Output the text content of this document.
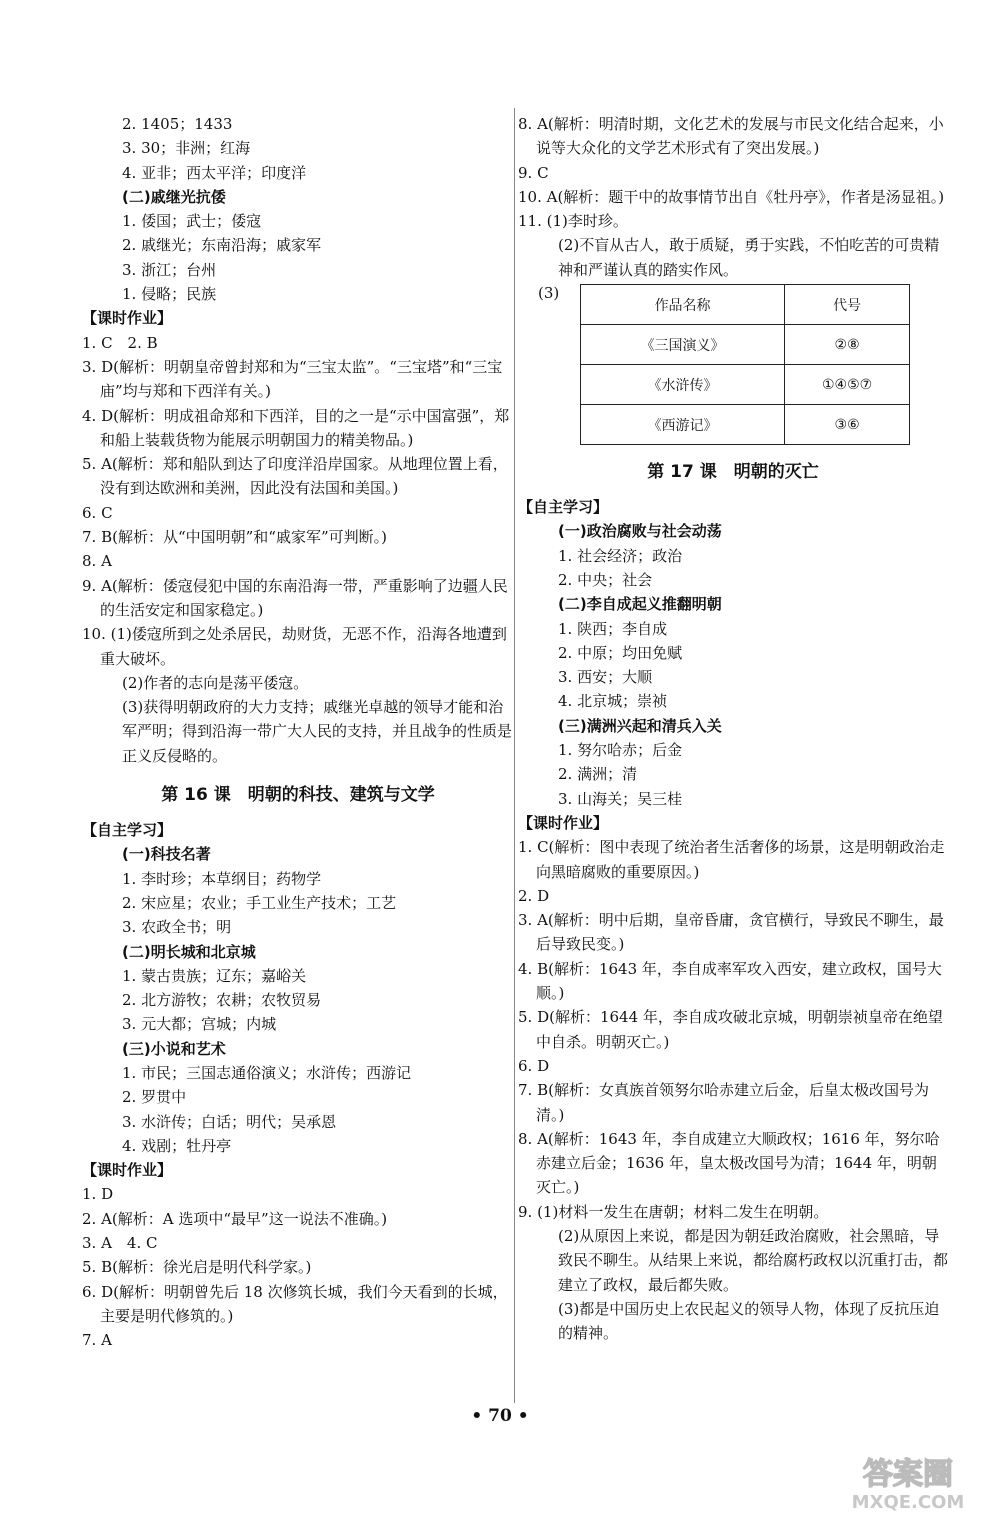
2. 1405；1433
3. 30；非洲；红海
4. 亚非；西太平洋；印度洋
(二)戚继光抗倭
1. 倭国；武士；倭寇
2. 戚继光；东南沿海；戚家军
3. 浙江；台州
1. 侵略；民族
【课时作业】
1. C　2. B
3. D(解析：明朝皇帝曾封郑和为“三宝太监”。“三宝塔”和“三宝庙”均与郑和下西洋有关。)
4. D(解析：明成祖命郑和下西洋，目的之一是“示中国富强”，郑和船上装载货物为能展示明朝国力的精美物品。)
5. A(解析：郑和船队到达了印度洋沿岸国家。从地理位置上看，没有到达欧洲和美洲，因此没有法国和美国。)
6. C
7. B(解析：从“中国明朝”和“戚家军”可判断。)
8. A
9. A(解析：倭寇侵犯中国的东南沿海一带，严重影响了边疆人民的生活安定和国家稳定。)
10. (1)倭寇所到之处杀居民，劫财货，无恶不作，沿海各地遭到重大破坏。
(2)作者的志向是荡平倭寇。
(3)获得明朝政府的大力支持；戚继光卓越的领导才能和治军严明；得到沿海一带广大人民的支持，并且战争的性质是正义反侵略的。
第 16 课　明朝的科技、建筑与文学
【自主学习】
(一)科技名著
1. 李时珍；本草纲目；药物学
2. 宋应星；农业；手工业生产技术；工艺
3. 农政全书；明
(二)明长城和北京城
1. 蒙古贵族；辽东；嘉峪关
2. 北方游牧；农耕；农牧贸易
3. 元大都；宫城；内城
(三)小说和艺术
1. 市民；三国志通俗演义；水浒传；西游记
2. 罗贯中
3. 水浒传；白话；明代；吴承恩
4. 戏剧；牡丹亭
【课时作业】
1. D
2. A(解析：A 选项中“最早”这一说法不准确。)
3. A　4. C
5. B(解析：徐光启是明代科学家。)
6. D(解析：明朝曾先后 18 次修筑长城，我们今天看到的长城，主要是明代修筑的。)
7. A
8. A(解析：明清时期，文化艺术的发展与市民文化结合起来，小说等大众化的文学艺术形式有了突出发展。)
9. C
10. A(解析：题干中的故事情节出自《牡丹亭》，作者是汤显祖。)
11. (1)李时珍。
(2)不盲从古人，敢于质疑，勇于实践，不怕吃苦的可贵精神和严谨认真的踏实作风。
(3)
作品名称	代号
《三国演义》	②⑧
《水浒传》	①④⑤⑦
《西游记》	③⑥
第 17 课　明朝的灭亡
【自主学习】
(一)政治腐败与社会动荡
1. 社会经济；政治
2. 中央；社会
(二)李自成起义推翻明朝
1. 陕西；李自成
2. 中原；均田免赋
3. 西安；大顺
4. 北京城；崇祯
(三)满洲兴起和清兵入关
1. 努尔哈赤；后金
2. 满洲；清
3. 山海关；吴三桂
【课时作业】
1. C(解析：图中表现了统治者生活奢侈的场景，这是明朝政治走向黑暗腐败的重要原因。)
2. D
3. A(解析：明中后期，皇帝昏庸，贪官横行，导致民不聊生，最后导致民变。)
4. B(解析：1643 年，李自成率军攻入西安，建立政权，国号大顺。)
5. D(解析：1644 年，李自成攻破北京城，明朝崇祯皇帝在绝望中自杀。明朝灭亡。)
6. D
7. B(解析：女真族首领努尔哈赤建立后金，后皇太极改国号为清。)
8. A(解析：1643 年，李自成建立大顺政权；1616 年，努尔哈赤建立后金；1636 年，皇太极改国号为清；1644 年，明朝灭亡。)
9. (1)材料一发生在唐朝；材料二发生在明朝。
(2)从原因上来说，都是因为朝廷政治腐败，社会黑暗，导致民不聊生。从结果上来说，都给腐朽政权以沉重打击，都建立了政权，最后都失败。
(3)都是中国历史上农民起义的领导人物，体现了反抗压迫的精神。
• 70 •
答案圈
MXQE.COM
